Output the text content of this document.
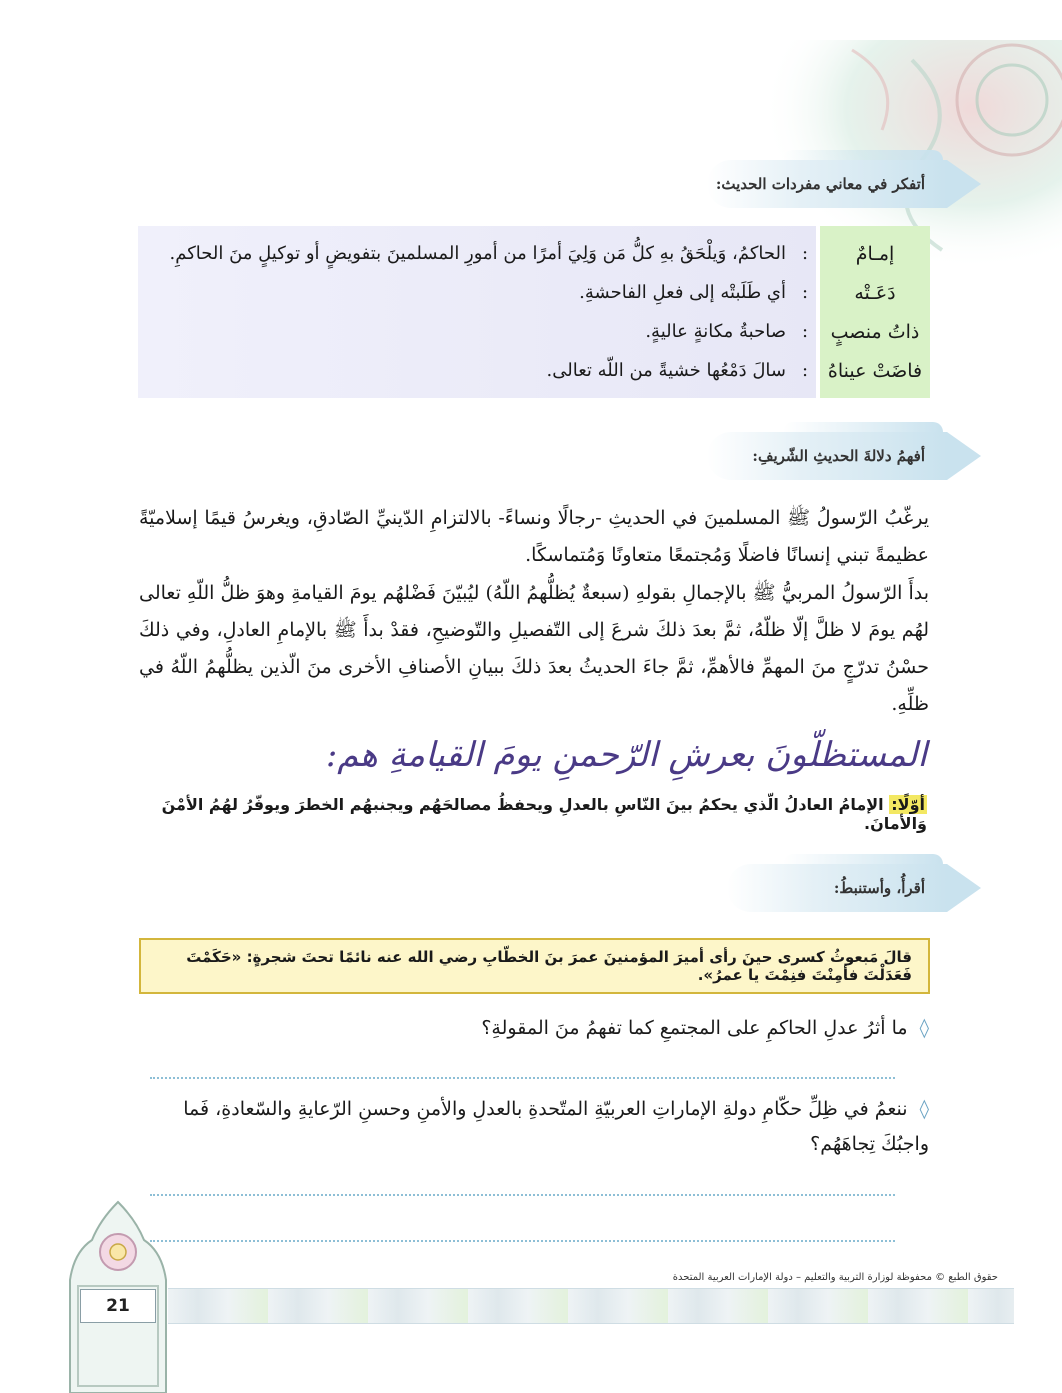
أتفكر في معاني مفردات الحديث:
إمـامٌ
دَعَـتْه
ذاتُ منصبٍ
فاضَتْ عيناهُ
:
الحاكمُ، وَيلْحَقُ بهِ كلُّ مَن وَلِيَ أمرًا من أمورِ المسلمينَ بتفويضٍ أو توكيلٍ منَ الحاكمِ.
:
أي طَلَبتْه إلى فعلِ الفاحشةِ.
:
صاحبةُ مكانةٍ عاليةٍ.
:
سالَ دَمْعُها خشيةً من اللّه تعالى.
أفهمُ دلالةَ الحديثِ الشّريفِ:
يرغّبُ الرّسولُ ﷺ المسلمينَ في الحديثِ -رجالًا ونساءً- بالالتزامِ الدّينيِّ الصّادقِ، ويغرسُ قيمًا إسلاميّةً عظيمةً تبني إنسانًا فاضلًا وَمُجتمعًا متعاونًا وَمُتماسكًا.
بدأَ الرّسولُ المربيُّ ﷺ بالإجمالِ بقولهِ (سبعةٌ يُظلُّهمُ اللّهُ) ليُبيّنَ فَضْلهُم يومَ القيامةِ وهوَ ظلُّ اللّهِ تعالى لهُم يومَ لا ظلَّ إلّا ظلّهُ، ثمَّ بعدَ ذلكَ شرعَ إلى التّفصيلِ والتّوضيحِ، فقدْ بدأَ ﷺ بالإمامِ العادلِ، وفي ذلكَ حسْنُ تدرّجٍ منَ المهمِّ فالأهمِّ، ثمَّ جاءَ الحديثُ بعدَ ذلكَ ببيانِ الأصنافِ الأخرى منَ الّذين يظلُّهمُ اللّهُ في ظلِّهِ.
المستظلّونَ بعرشِ الرّحمنِ يومَ القيامةِ هم:
أوّلًا: الإمامُ العادلُ الّذي يحكمُ بينَ النّاسِ بالعدلِ ويحفظُ مصالحَهُم ويجنبهُم الخطرَ ويوفّرُ لهُمُ الأمْنَ وَالأمانَ.
أقرأُ، وأستنبطُ:
قالَ مَبعوثُ كسرى حينَ رأى أميرَ المؤمنينَ عمرَ بنَ الخطّابِ رضي الله عنه نائمًا تحتَ شجرةٍ: «حَكَمْتَ فَعَدَلْتَ فأمِنْتَ فنِمْتَ يا عمرُ».
◊ ما أثرُ عدلِ الحاكمِ على المجتمعِ كما تفهمُ منَ المقولةِ؟
◊ ننعمُ في ظِلِّ حكّامِ دولةِ الإماراتِ العربيّةِ المتّحدةِ بالعدلِ والأمنِ وحسنِ الرّعايةِ والسّعادةِ، فَما واجبُكَ تِجاهَهُم؟
21
حقوق الطبع © محفوظة لوزارة التربية والتعليم – دولة الإمارات العربية المتحدة
